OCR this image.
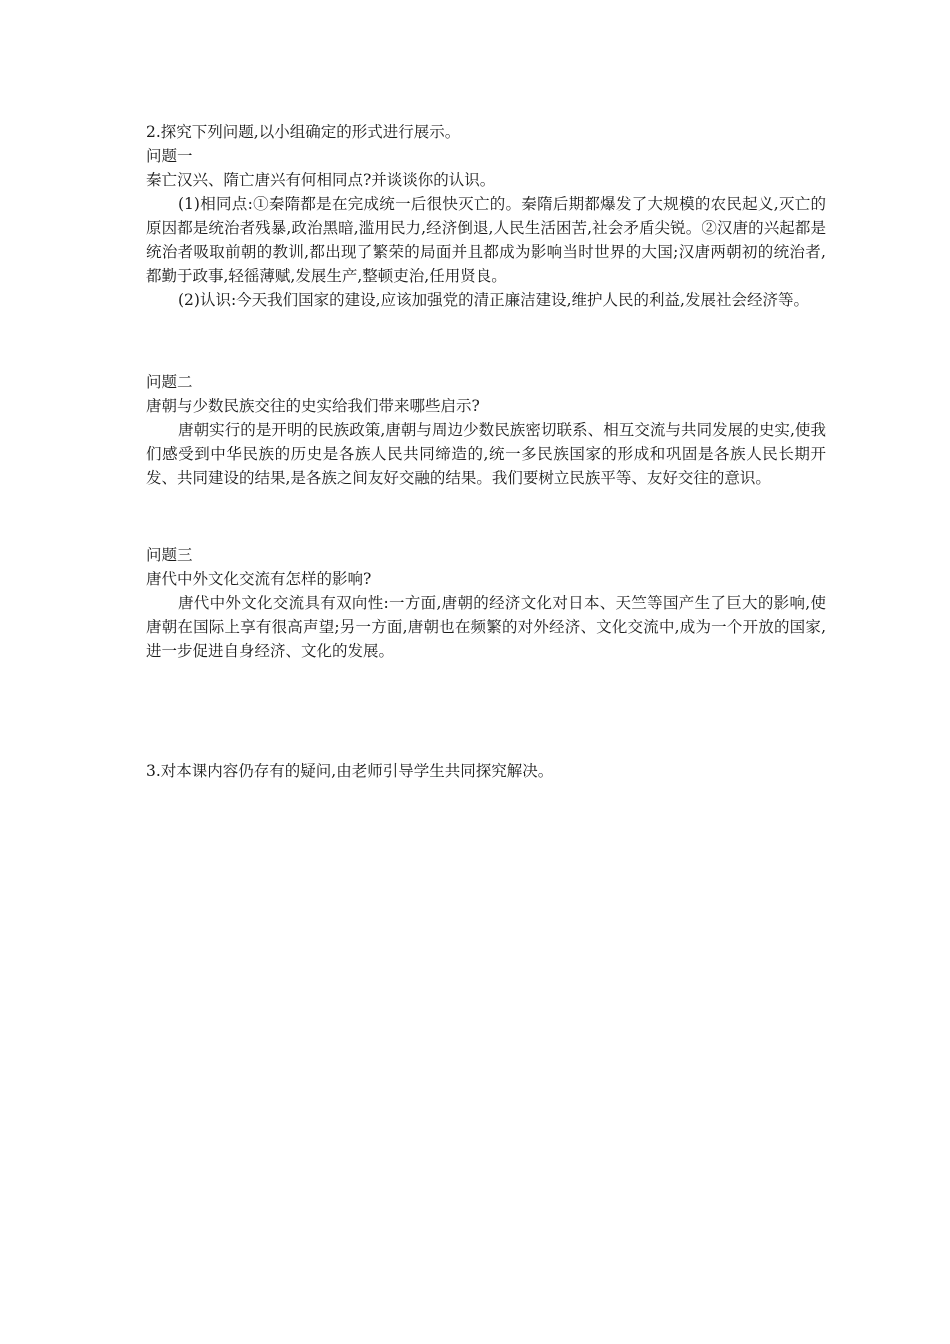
2.探究下列问题,以小组确定的形式进行展示。
问题一
秦亡汉兴、隋亡唐兴有何相同点?并谈谈你的认识。

(1)相同点:①秦隋都是在完成统一后很快灭亡的。秦隋后期都爆发了大规模的农民起义,灭亡的原因都是统治者残暴,政治黑暗,滥用民力,经济倒退,人民生活困苦,社会矛盾尖锐。②汉唐的兴起都是统治者吸取前朝的教训,都出现了繁荣的局面并且都成为影响当时世界的大国;汉唐两朝初的统治者,都勤于政事,轻徭薄赋,发展生产,整顿吏治,任用贤良。

(2)认识:今天我们国家的建设,应该加强党的清正廉洁建设,维护人民的利益,发展社会经济等。

问题二
唐朝与少数民族交往的史实给我们带来哪些启示?

唐朝实行的是开明的民族政策,唐朝与周边少数民族密切联系、相互交流与共同发展的史实,使我们感受到中华民族的历史是各族人民共同缔造的,统一多民族国家的形成和巩固是各族人民长期开发、共同建设的结果,是各族之间友好交融的结果。我们要树立民族平等、友好交往的意识。

问题三
唐代中外文化交流有怎样的影响?

唐代中外文化交流具有双向性:一方面,唐朝的经济文化对日本、天竺等国产生了巨大的影响,使唐朝在国际上享有很高声望;另一方面,唐朝也在频繁的对外经济、文化交流中,成为一个开放的国家,进一步促进自身经济、文化的发展。

3.对本课内容仍存有的疑问,由老师引导学生共同探究解决。
